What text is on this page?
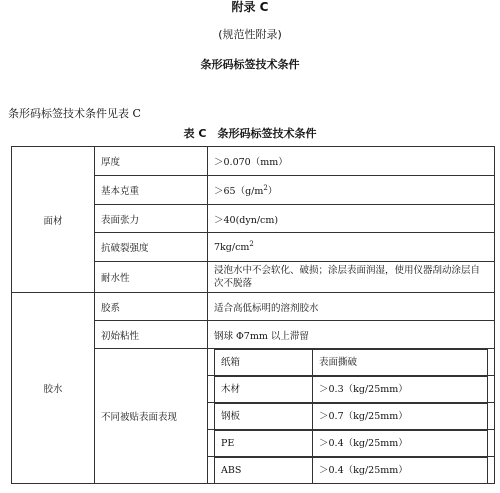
附录 C
(规范性附录)
条形码标签技术条件
条形码标签技术条件见表 C
表 C　条形码标签技术条件
面材	厚度	＞0.070（mm）
基本克重	$>65(g/m^2)$
表面张力	＞40(dyn/cm)
抗破裂强度	$7kg/cm^2$
耐水性	浸泡水中不会软化、破损；涂层表面润湿，使用仪器刮动涂层自次不脱落
胶水	胶系	适合高低标明的溶剂胶水
初始粘性	钢球 Φ7mm 以上滞留
不同被贴表面表现	
纸箱	表面撕破
木材	＞0.3（kg/25mm）
钢板	＞0.7（kg/25mm）
PE	＞0.4（kg/25mm）
ABS	＞0.4（kg/25mm）
